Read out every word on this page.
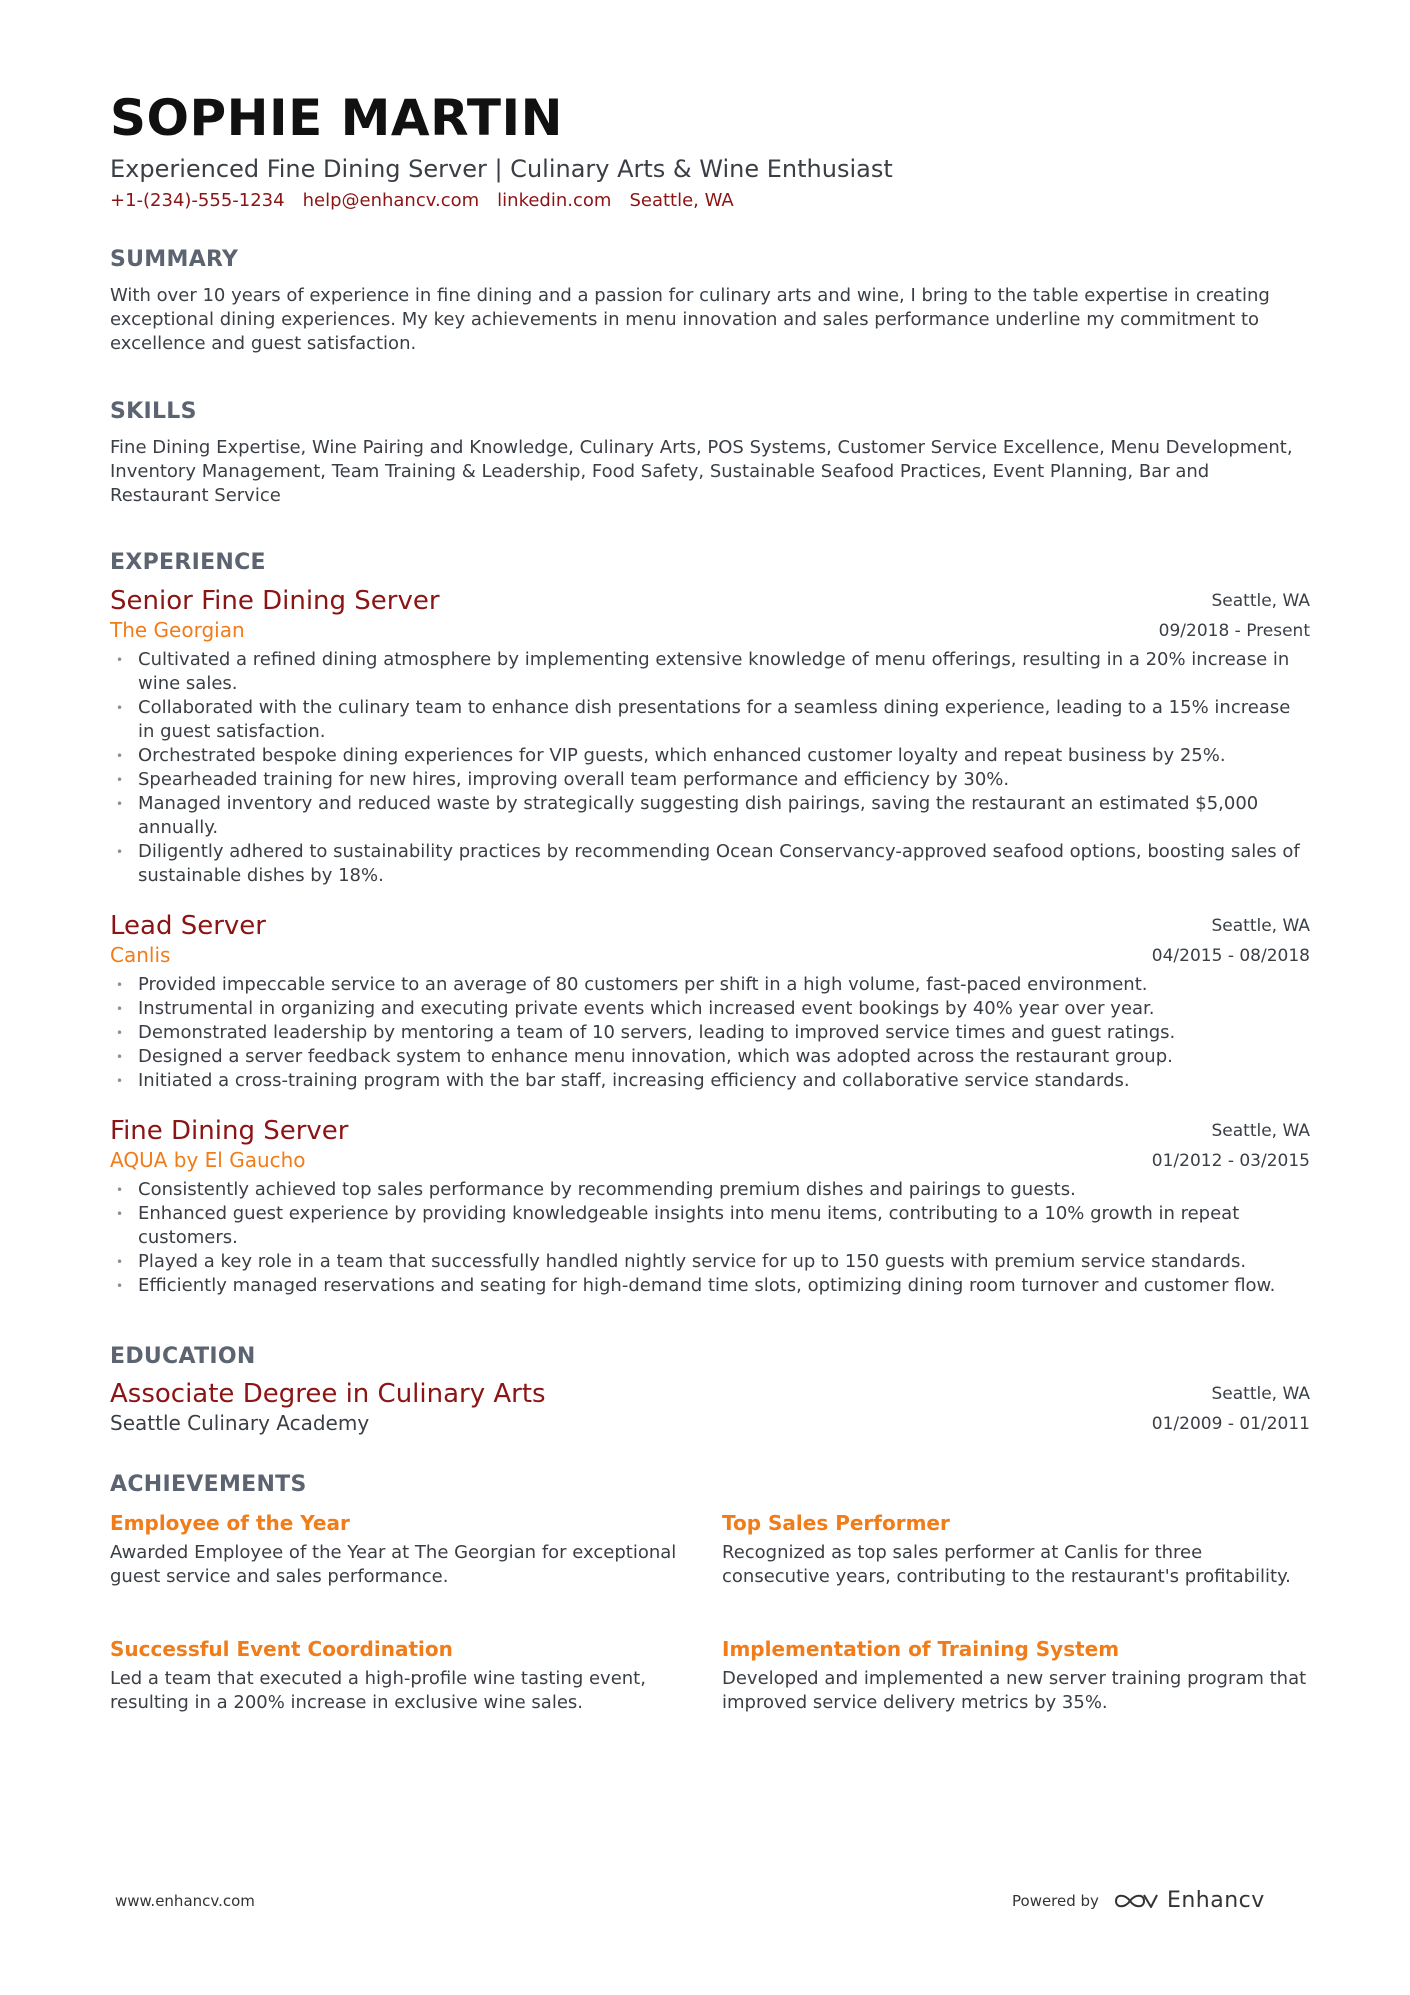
SOPHIE MARTIN
Experienced Fine Dining Server | Culinary Arts & Wine Enthusiast
+1-(234)-555-1234 help@enhancv.com linkedin.com Seattle, WA
SUMMARY
With over 10 years of experience in fine dining and a passion for culinary arts and wine, I bring to the table expertise in creating exceptional dining experiences. My key achievements in menu innovation and sales performance underline my commitment to excellence and guest satisfaction.
SKILLS
Fine Dining Expertise , Wine Pairing and Knowledge , Culinary Arts , POS Systems , Customer Service Excellence , Menu Development, Inventory Management , Team Training & Leadership , Food Safety , Sustainable Seafood Practices , Event Planning , Bar and Restaurant Service
EXPERIENCE
Senior Fine Dining Server
The Georgian
Seattle, WA
09/2018 - Present
• Cultivated a refined dining atmosphere by implementing extensive knowledge of menu offerings, resulting in a 20% increase in wine sales.
• Collaborated with the culinary team to enhance dish presentations for a seamless dining experience, leading to a 15% increase in guest satisfaction.
• Orchestrated bespoke dining experiences for VIP guests, which enhanced customer loyalty and repeat business by 25%.
• Spearheaded training for new hires, improving overall team performance and efficiency by 30%.
• Managed inventory and reduced waste by strategically suggesting dish pairings, saving the restaurant an estimated $5,000 annually.
• Diligently adhered to sustainability practices by recommending Ocean Conservancy-approved seafood options, boosting sales of sustainable dishes by 18%.
Lead Server
Canlis
Seattle, WA
04/2015 - 08/2018
• Provided impeccable service to an average of 80 customers per shift in a high volume, fast-paced environment.
• Instrumental in organizing and executing private events which increased event bookings by 40% year over year.
• Demonstrated leadership by mentoring a team of 10 servers, leading to improved service times and guest ratings.
• Designed a server feedback system to enhance menu innovation, which was adopted across the restaurant group.
• Initiated a cross-training program with the bar staff, increasing efficiency and collaborative service standards.
Fine Dining Server
AQUA by El Gaucho
Seattle, WA
01/2012 - 03/2015
• Consistently achieved top sales performance by recommending premium dishes and pairings to guests.
• Enhanced guest experience by providing knowledgeable insights into menu items, contributing to a 10% growth in repeat customers.
• Played a key role in a team that successfully handled nightly service for up to 150 guests with premium service standards.
• Efficiently managed reservations and seating for high-demand time slots, optimizing dining room turnover and customer flow.
EDUCATION
Associate Degree in Culinary Arts
Seattle Culinary Academy
Seattle, WA
01/2009 - 01/2011
ACHIEVEMENTS
Employee of the Year
Awarded Employee of the Year at The Georgian for exceptional guest service and sales performance.
Top Sales Performer
Recognized as top sales performer at Canlis for three consecutive years, contributing to the restaurant's profitability.
Successful Event Coordination
Led a team that executed a high-profile wine tasting event, resulting in a 200% increase in exclusive wine sales.
Implementation of Training System
Developed and implemented a new server training program that improved service delivery metrics by 35%.
www.enhancv.com	Powered by	Enhancv
